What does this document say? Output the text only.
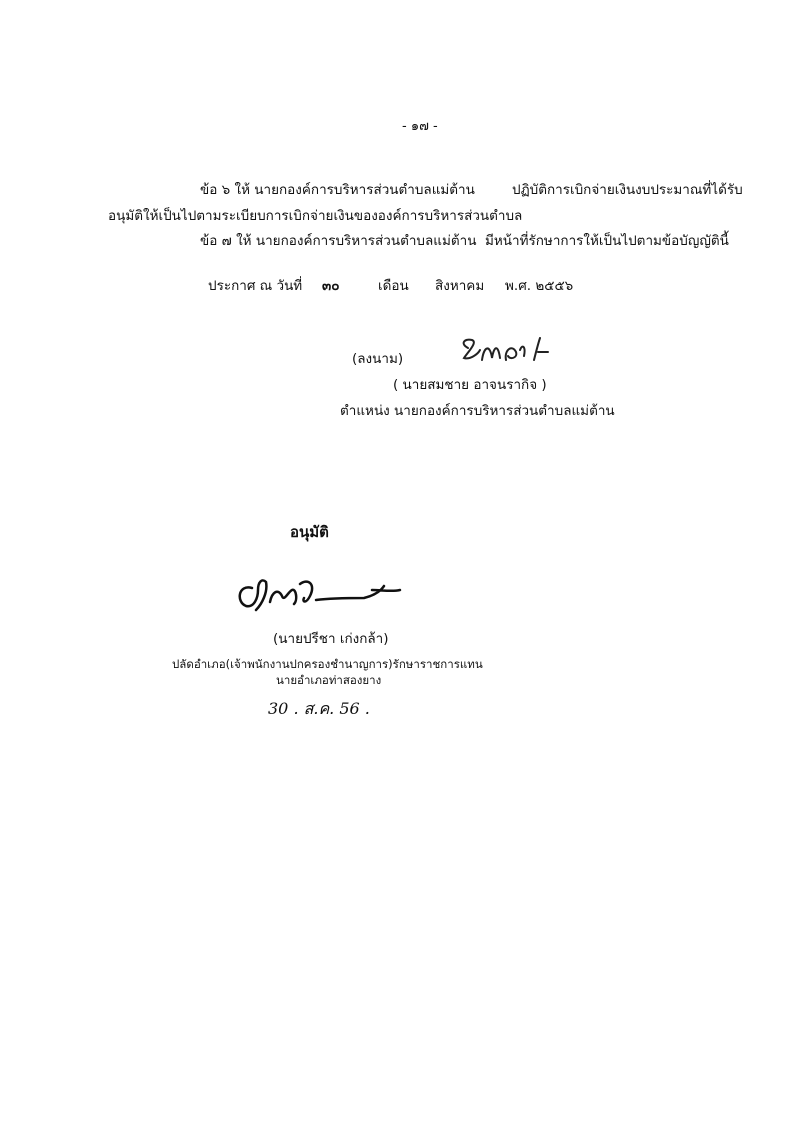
- ๑๗ -
ข้อ ๖ ให้ นายกองค์การบริหารส่วนตำบลแม่ต้าน	ปฏิบัติการเบิกจ่ายเงินงบประมาณที่ได้รับ
อนุมัติให้เป็นไปตามระเบียบการเบิกจ่ายเงินขององค์การบริหารส่วนตำบล
ข้อ ๗ ให้ นายกองค์การบริหารส่วนตำบลแม่ต้าน มีหน้าที่รักษาการให้เป็นไปตามข้อบัญญัตินี้
ประกาศ ณ วันที่ ๓๐	เดือน สิงหาคม พ.ศ. ๒๕๕๖
(ลงนาม)
( นายสมชาย อาจนรากิจ )
ตำแหน่ง นายกองค์การบริหารส่วนตำบลแม่ต้าน
อนุมัติ
(นายปรีชา เก่งกล้า)
ปลัดอำเภอ(เจ้าพนักงานปกครองชำนาญการ)รักษาราชการแทน
นายอำเภอท่าสองยาง
30 . ส.ค. 56 .
